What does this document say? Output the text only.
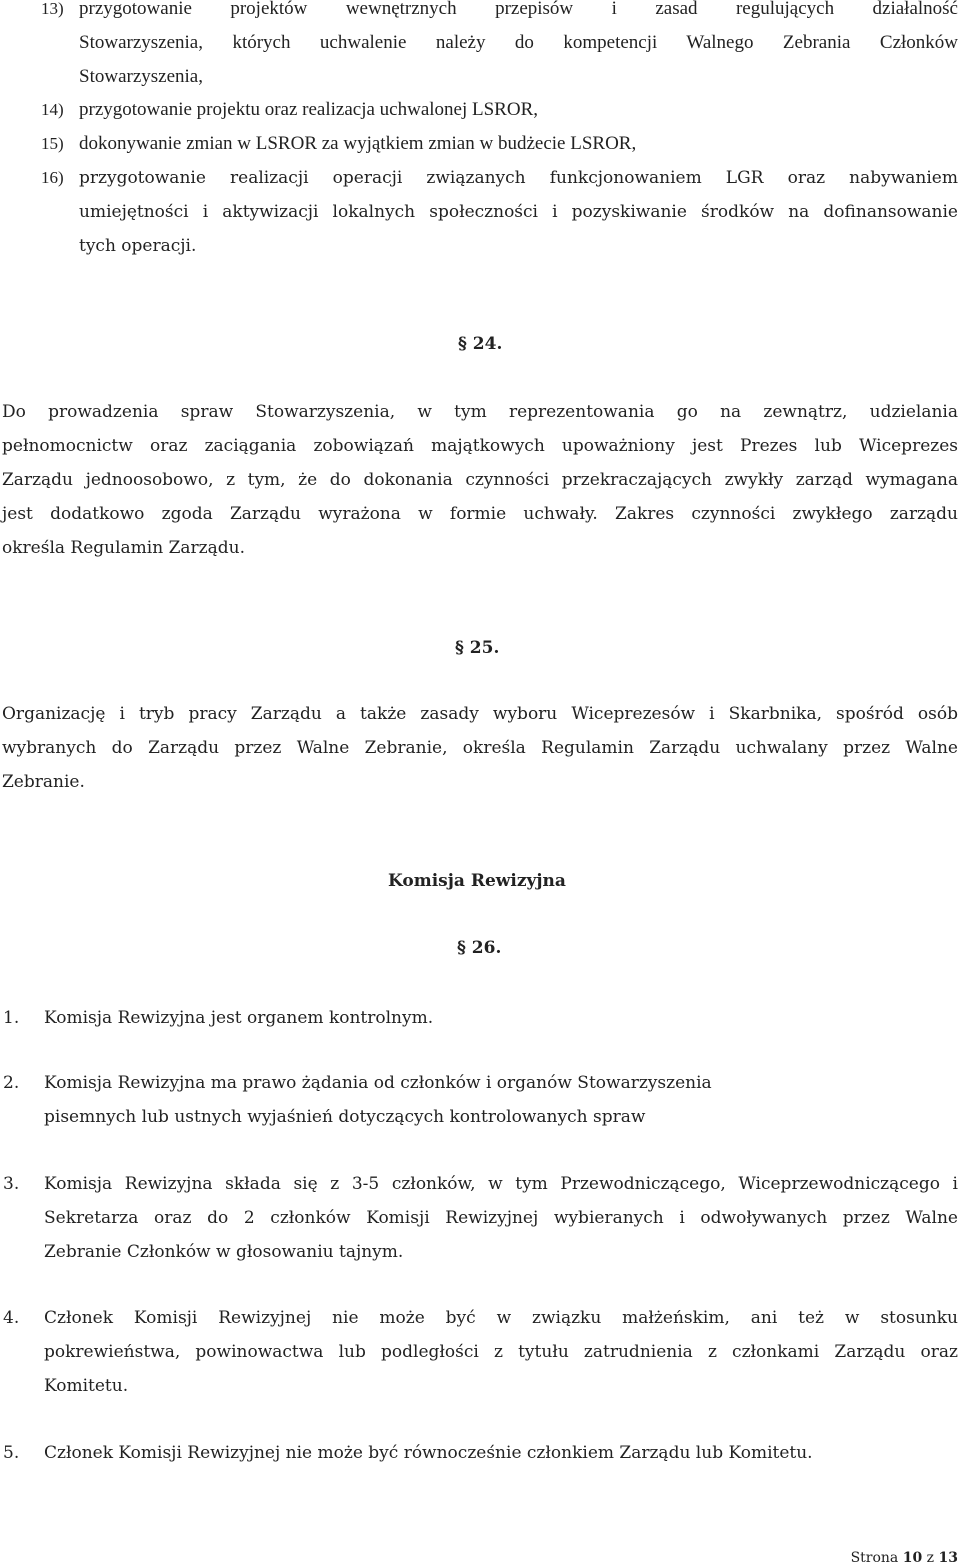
13) przygotowanie projektów wewnętrznych przepisów i zasad regulujących działalność
Stowarzyszenia, których uchwalenie należy do kompetencji Walnego Zebrania Członków
Stowarzyszenia,
14) przygotowanie projektu oraz realizacja uchwalonej LSROR,
15) dokonywanie zmian w LSROR za wyjątkiem zmian w budżecie LSROR,
16) przygotowanie realizacji operacji związanych funkcjonowaniem LGR oraz nabywaniem
umiejętności i aktywizacji lokalnych społeczności i pozyskiwanie środków na dofinansowanie
tych operacji.
§ 24.
Do prowadzenia spraw Stowarzyszenia, w tym reprezentowania go na zewnątrz, udzielania
pełnomocnictw oraz zaciągania zobowiązań majątkowych upoważniony jest Prezes lub Wiceprezes
Zarządu jednoosobowo, z tym, że do dokonania czynności przekraczających zwykły zarząd wymagana
jest dodatkowo zgoda Zarządu wyrażona w formie uchwały. Zakres czynności zwykłego zarządu
określa Regulamin Zarządu.
§ 25.
Organizację i tryb pracy Zarządu a także zasady wyboru Wiceprezesów i Skarbnika, spośród osób
wybranych do Zarządu przez Walne Zebranie, określa Regulamin Zarządu uchwalany przez Walne
Zebranie.
Komisja Rewizyjna
§ 26.
1. Komisja Rewizyjna jest organem kontrolnym.
2. Komisja Rewizyjna ma prawo żądania od członków i organów Stowarzyszenia
pisemnych lub ustnych wyjaśnień dotyczących kontrolowanych spraw
3. Komisja Rewizyjna składa się z 3-5 członków, w tym Przewodniczącego, Wiceprzewodniczącego i
Sekretarza oraz do 2 członków Komisji Rewizyjnej wybieranych i odwoływanych przez Walne
Zebranie Członków w głosowaniu tajnym.
4. Członek Komisji Rewizyjnej nie może być w związku małżeńskim, ani też w stosunku
pokrewieństwa, powinowactwa lub podległości z tytułu zatrudnienia z członkami Zarządu oraz
Komitetu.
5. Członek Komisji Rewizyjnej nie może być równocześnie członkiem Zarządu lub Komitetu.
Strona 10 z 13
